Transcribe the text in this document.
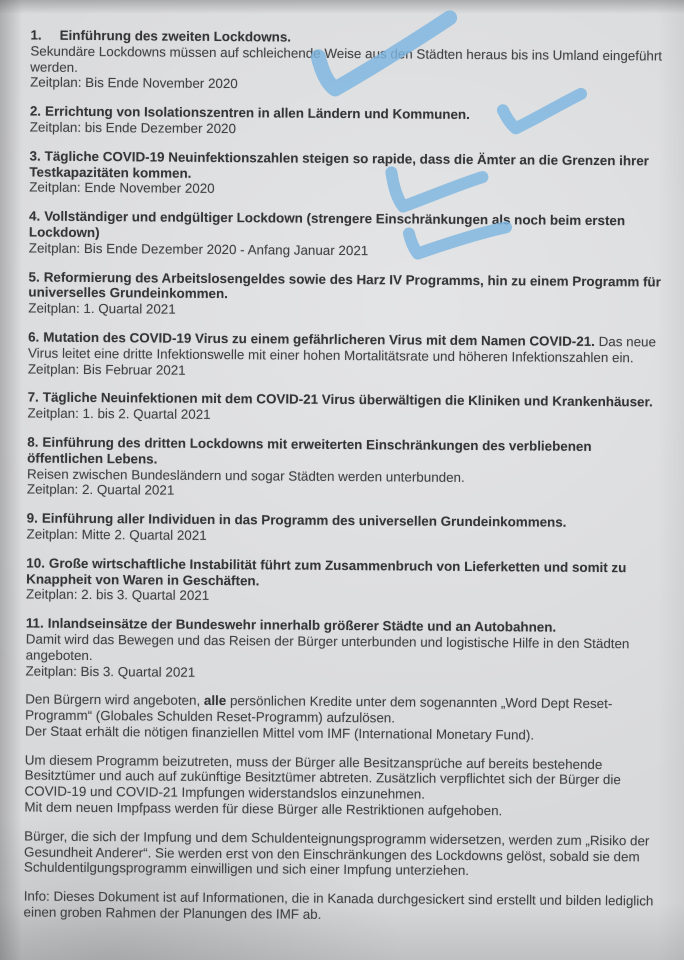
1. Einführung des zweiten Lockdowns.

Sekundäre Lockdowns müssen auf schleichende Weise aus den Städten heraus bis ins Umland eingeführt werden.

Zeitplan: Bis Ende November 2020

2. Errichtung von Isolationszentren in allen Ländern und Kommunen.

Zeitplan: bis Ende Dezember 2020

3. Tägliche COVID-19 Neuinfektionszahlen steigen so rapide, dass die Ämter an die Grenzen ihrer Testkapazitäten kommen.

Zeitplan: Ende November 2020

4. Vollständiger und endgültiger Lockdown (strengere Einschränkungen als noch beim ersten Lockdown)

Zeitplan: Bis Ende Dezember 2020 - Anfang Januar 2021

5. Reformierung des Arbeitslosengeldes sowie des Harz IV Programms, hin zu einem Programm für universelles Grundeinkommen.

Zeitplan: 1. Quartal 2021

6. Mutation des COVID-19 Virus zu einem gefährlicheren Virus mit dem Namen COVID-21. Das neue Virus leitet eine dritte Infektionswelle mit einer hohen Mortalitätsrate und höheren Infektionszahlen ein.

Zeitplan: Bis Februar 2021

7. Tägliche Neuinfektionen mit dem COVID-21 Virus überwältigen die Kliniken und Krankenhäuser.

Zeitplan: 1. bis 2. Quartal 2021

8. Einführung des dritten Lockdowns mit erweiterten Einschränkungen des verbliebenen öffentlichen Lebens.

Reisen zwischen Bundesländern und sogar Städten werden unterbunden.

Zeitplan: 2. Quartal 2021

9. Einführung aller Individuen in das Programm des universellen Grundeinkommens.

Zeitplan: Mitte 2. Quartal 2021

10. Große wirtschaftliche Instabilität führt zum Zusammenbruch von Lieferketten und somit zu Knappheit von Waren in Geschäften.

Zeitplan: 2. bis 3. Quartal 2021

11. Inlandseinsätze der Bundeswehr innerhalb größerer Städte und an Autobahnen.

Damit wird das Bewegen und das Reisen der Bürger unterbunden und logistische Hilfe in den Städten angeboten.

Zeitplan: Bis 3. Quartal 2021

Den Bürgern wird angeboten, alle persönlichen Kredite unter dem sogenannten „Word Dept Reset-Programm“ (Globales Schulden Reset-Programm) aufzulösen.

Der Staat erhält die nötigen finanziellen Mittel vom IMF (International Monetary Fund).

Um diesem Programm beizutreten, muss der Bürger alle Besitzansprüche auf bereits bestehende Besitztümer und auch auf zukünftige Besitztümer abtreten. Zusätzlich verpflichtet sich der Bürger die COVID-19 und COVID-21 Impfungen widerstandslos einzunehmen.

Mit dem neuen Impfpass werden für diese Bürger alle Restriktionen aufgehoben.

Bürger, die sich der Impfung und dem Schuldenteignungsprogramm widersetzen, werden zum „Risiko der Gesundheit Anderer“. Sie werden erst von den Einschränkungen des Lockdowns gelöst, sobald sie dem Schuldentilgungsprogramm einwilligen und sich einer Impfung unterziehen.

Info: Dieses Dokument ist auf Informationen, die in Kanada durchgesickert sind erstellt und bilden lediglich einen groben Rahmen der Planungen des IMF ab.
